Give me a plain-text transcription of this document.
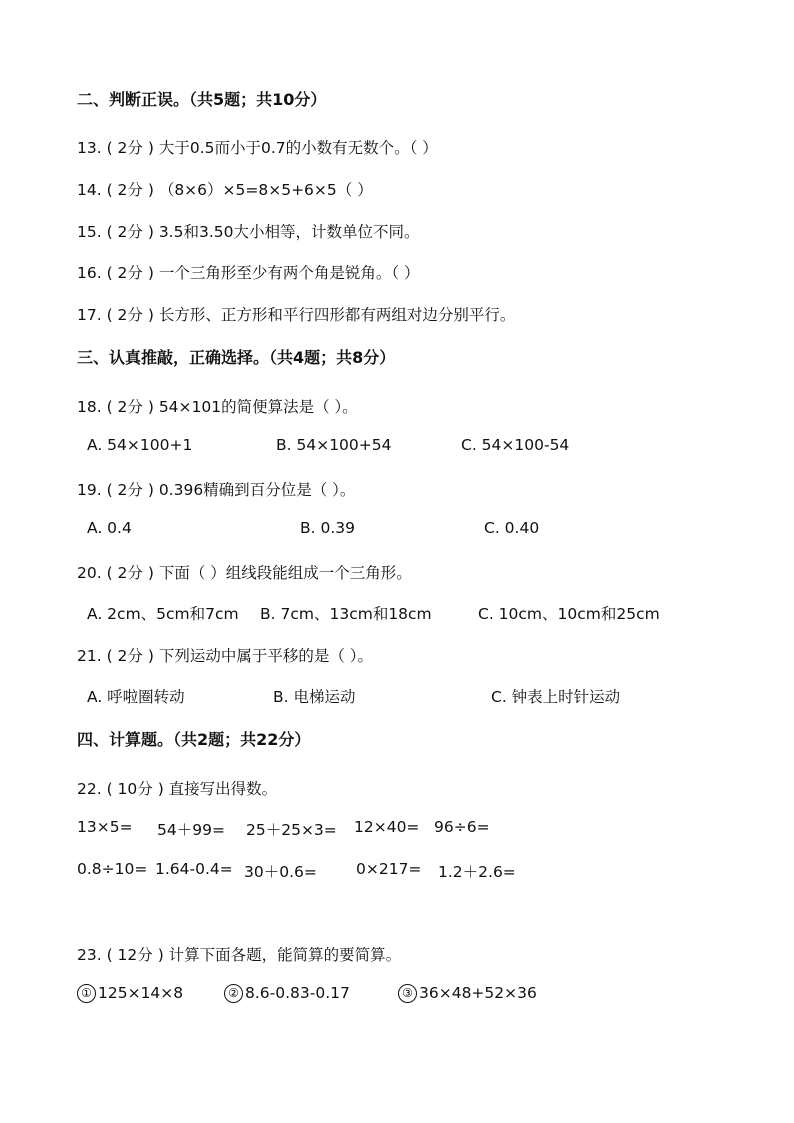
二、判断正误。（共5题；共10分）
13. ( 2分 ) 大于0.5而小于0.7的小数有无数个。（ ）
14. ( 2分 ) （8×6）×5=8×5+6×5（ ）
15. ( 2分 ) 3.5和3.50大小相等，计数单位不同。
16. ( 2分 ) 一个三角形至少有两个角是锐角。（ ）
17. ( 2分 ) 长方形、正方形和平行四形都有两组对边分别平行。
三、认真推敲，正确选择。（共4题；共8分）
18. ( 2分 ) 54×101的简便算法是（ ）。
A. 54×100+1	B. 54×100+54	C. 54×100-54
19. ( 2分 ) 0.396精确到百分位是（ ）。
A. 0.4	B. 0.39	C. 0.40
20. ( 2分 ) 下面（ ）组线段能组成一个三角形。
A. 2cm、5cm和7cm B. 7cm、13cm和18cm	C. 10cm、10cm和25cm
21. ( 2分 ) 下列运动中属于平移的是（ ）。
A. 呼啦圈转动	B. 电梯运动	C. 钟表上时针运动
四、计算题。（共2题；共22分）
22. ( 10分 ) 直接写出得数。
13×5= 54＋99= 25＋25×3= 12×40= 96÷6=
0.8÷10= 1.64-0.4= 30＋0.6=	0×217= 1.2＋2.6=
23. ( 12分 ) 计算下面各题，能简算的要简算。
① 125×14×8	② 8.6-0.83-0.17	③ 36×48+52×36
